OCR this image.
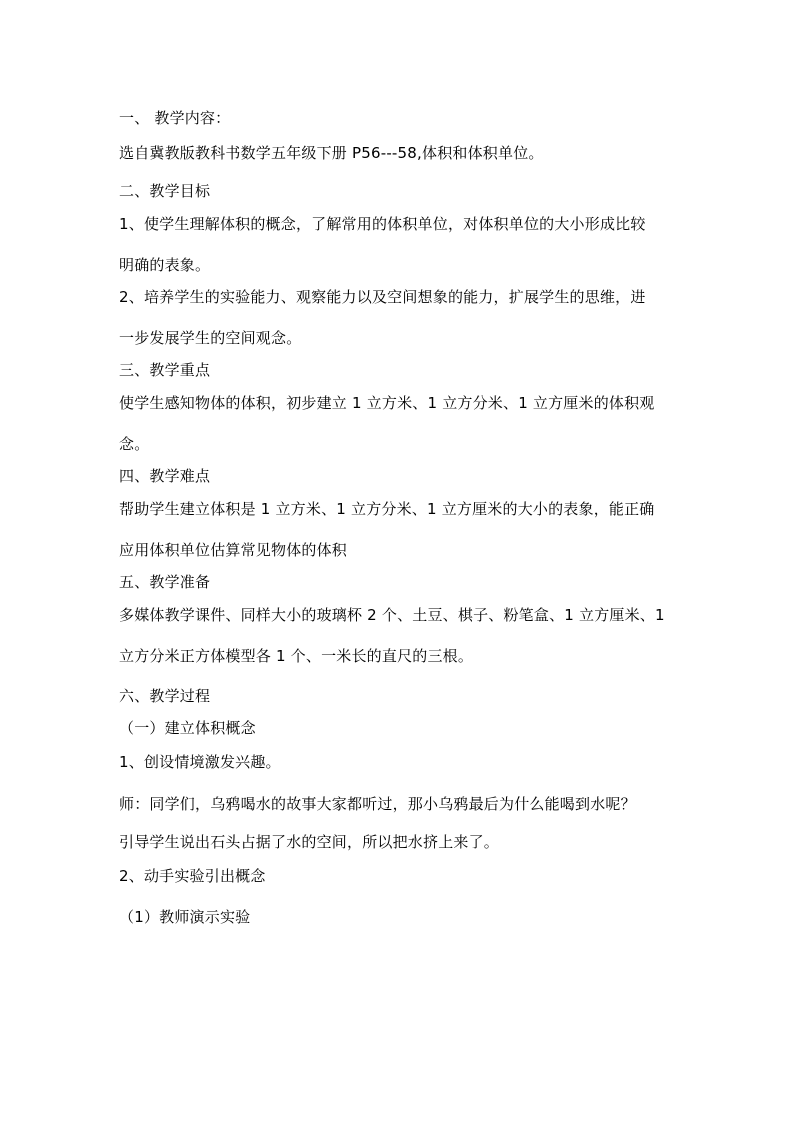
一、 教学内容：
选自冀教版教科书数学五年级下册 P56---58,体积和体积单位。
二、教学目标
1、使学生理解体积的概念，了解常用的体积单位，对体积单位的大小形成比较
明确的表象。
2、培养学生的实验能力、观察能力以及空间想象的能力，扩展学生的思维，进
一步发展学生的空间观念。
三、教学重点
使学生感知物体的体积，初步建立 1 立方米、1 立方分米、1 立方厘米的体积观
念。
四、教学难点
帮助学生建立体积是 1 立方米、1 立方分米、1 立方厘米的大小的表象，能正确
应用体积单位估算常见物体的体积
五、教学准备
多媒体教学课件、同样大小的玻璃杯 2 个、土豆、棋子、粉笔盒、1 立方厘米、1
立方分米正方体模型各 1 个、一米长的直尺的三根。
六、教学过程
（一）建立体积概念
1、创设情境激发兴趣。
师：同学们，乌鸦喝水的故事大家都听过，那小乌鸦最后为什么能喝到水呢？
引导学生说出石头占据了水的空间，所以把水挤上来了。
2、动手实验引出概念
（1）教师演示实验
